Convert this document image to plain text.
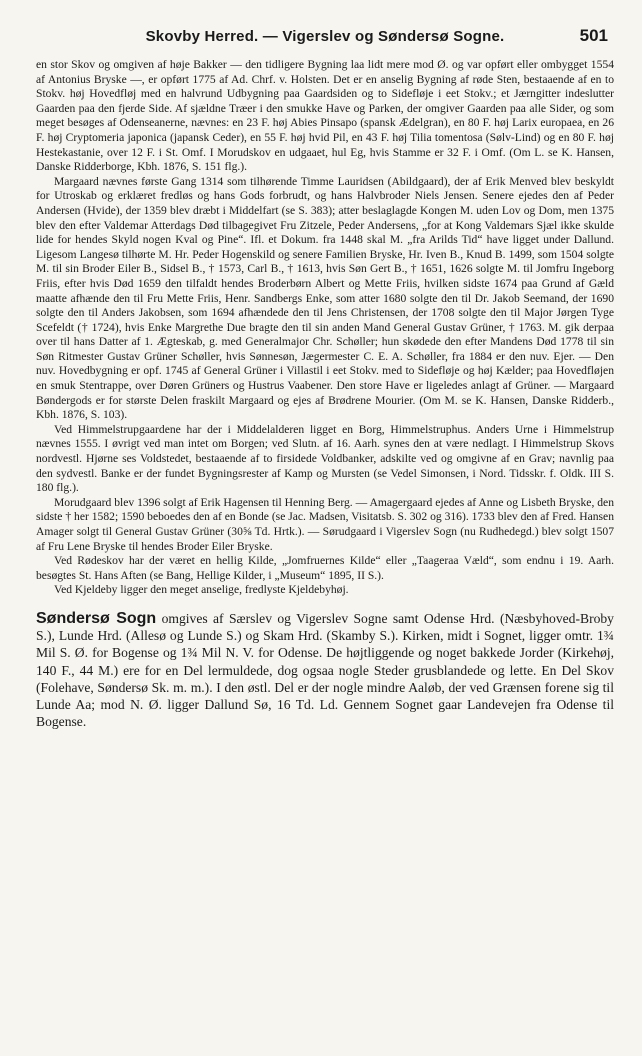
Skovby Herred. — Vigerslev og Søndersø Sogne.	501

en stor Skov og omgiven af høje Bakker — den tidligere Bygning laa lidt mere mod Ø. og var opført eller ombygget 1554 af Antonius Bryske —, er opført 1775 af Ad. Chrf. v. Holsten. Det er en anselig Bygning af røde Sten, bestaaende af en to Stokv. høj Hovedfløj med en halvrund Udbygning paa Gaardsiden og to Sidefløje i eet Stokv.; et Jærngitter indeslutter Gaarden paa den fjerde Side. Af sjældne Træer i den smukke Have og Parken, der omgiver Gaarden paa alle Sider, og som meget besøges af Odenseanerne, nævnes: en 23 F. høj Abies Pinsapo (spansk Ædelgran), en 80 F. høj Larix europaea, en 26 F. høj Cryptomeria japonica (japansk Ceder), en 55 F. høj hvid Pil, en 43 F. høj Tilia tomentosa (Sølv-Lind) og en 80 F. høj Hestekastanie, over 12 F. i St. Omf. I Morudskov en udgaaet, hul Eg, hvis Stamme er 32 F. i Omf. (Om L. se K. Hansen, Danske Ridderborge, Kbh. 1876, S. 151 flg.).

Margaard nævnes første Gang 1314 som tilhørende Timme Lauridsen (Abildgaard), der af Erik Menved blev beskyldt for Utroskab og erklæret fredløs og hans Gods forbrudt, og hans Halvbroder Niels Jensen. Senere ejedes den af Peder Andersen (Hvide), der 1359 blev dræbt i Middelfart (se S. 383); atter beslaglagde Kongen M. uden Lov og Dom, men 1375 blev den efter Valdemar Atterdags Død tilbagegivet Fru Zitzele, Peder Andersens, „for at Kong Valdemars Sjæl ikke skulde lide for hendes Skyld nogen Kval og Pine“. Ifl. et Dokum. fra 1448 skal M. „fra Arilds Tid“ have ligget under Dallund. Ligesom Langesø tilhørte M. Hr. Peder Hogenskild og senere Familien Bryske, Hr. Iven B., Knud B. 1499, som 1504 solgte M. til sin Broder Eiler B., Sidsel B., † 1573, Carl B., † 1613, hvis Søn Gert B., † 1651, 1626 solgte M. til Jomfru Ingeborg Friis, efter hvis Død 1659 den tilfaldt hendes Broderbørn Albert og Mette Friis, hvilken sidste 1674 paa Grund af Gæld maatte afhænde den til Fru Mette Friis, Henr. Sandbergs Enke, som atter 1680 solgte den til Dr. Jakob Seemand, der 1690 solgte den til Anders Jakobsen, som 1694 afhændede den til Jens Christensen, der 1708 solgte den til Major Jørgen Tyge Scefeldt († 1724), hvis Enke Margrethe Due bragte den til sin anden Mand General Gustav Grüner, † 1763. M. gik derpaa over til hans Datter af 1. Ægteskab, g. med Generalmajor Chr. Schøller; hun skødede den efter Mandens Død 1778 til sin Søn Ritmester Gustav Grüner Schøller, hvis Sønnesøn, Jægermester C. E. A. Schøller, fra 1884 er den nuv. Ejer. — Den nuv. Hovedbygning er opf. 1745 af General Grüner i Villastil i eet Stokv. med to Sidefløje og høj Kælder; paa Hovedfløjen en smuk Stentrappe, over Døren Grüners og Hustrus Vaabener. Den store Have er ligeledes anlagt af Grüner. — Margaard Bøndergods er for største Delen fraskilt Margaard og ejes af Brødrene Mourier. (Om M. se K. Hansen, Danske Ridderb., Kbh. 1876, S. 103).

Ved Himmelstrupgaardene har der i Middelalderen ligget en Borg, Himmelstruphus. Anders Urne i Himmelstrup nævnes 1555. I øvrigt ved man intet om Borgen; ved Slutn. af 16. Aarh. synes den at være nedlagt. I Himmelstrup Skovs nordvestl. Hjørne ses Voldstedet, bestaaende af to firsidede Voldbanker, adskilte ved og omgivne af en Grav; navnlig paa den sydvestl. Banke er der fundet Bygningsrester af Kamp og Mursten (se Vedel Simonsen, i Nord. Tidsskr. f. Oldk. III S. 180 flg.).

Morudgaard blev 1396 solgt af Erik Hagensen til Henning Berg. — Amagergaard ejedes af Anne og Lisbeth Bryske, den sidste † her 1582; 1590 beboedes den af en Bonde (se Jac. Madsen, Visitatsb. S. 302 og 316). 1733 blev den af Fred. Hansen Amager solgt til General Gustav Grüner (30⅝ Td. Hrtk.). — Sørudgaard i Vigerslev Sogn (nu Rudhedegd.) blev solgt 1507 af Fru Lene Bryske til hendes Broder Eiler Bryske.

Ved Rødeskov har der været en hellig Kilde, „Jomfruernes Kilde“ eller „Taageraa Væld“, som endnu i 19. Aarh. besøgtes St. Hans Aften (se Bang, Hellige Kilder, i „Museum“ 1895, II S.).

Ved Kjeldeby ligger den meget anselige, fredlyste Kjeldebyhøj.

Søndersø Sogn omgives af Særslev og Vigerslev Sogne samt Odense Hrd. (Næsbyhoved-Broby S.), Lunde Hrd. (Allesø og Lunde S.) og Skam Hrd. (Skamby S.). Kirken, midt i Sognet, ligger omtr. 1¾ Mil S. Ø. for Bogense og 1¾ Mil N. V. for Odense. De højtliggende og noget bakkede Jorder (Kirkehøj, 140 F., 44 M.) ere for en Del lermuldede, dog ogsaa nogle Steder grusblandede og lette. En Del Skov (Folehave, Søndersø Sk. m. m.). I den østl. Del er der nogle mindre Aaløb, der ved Grænsen forene sig til Lunde Aa; mod N. Ø. ligger Dallund Sø, 16 Td. Ld. Gennem Sognet gaar Landevejen fra Odense til Bogense.
